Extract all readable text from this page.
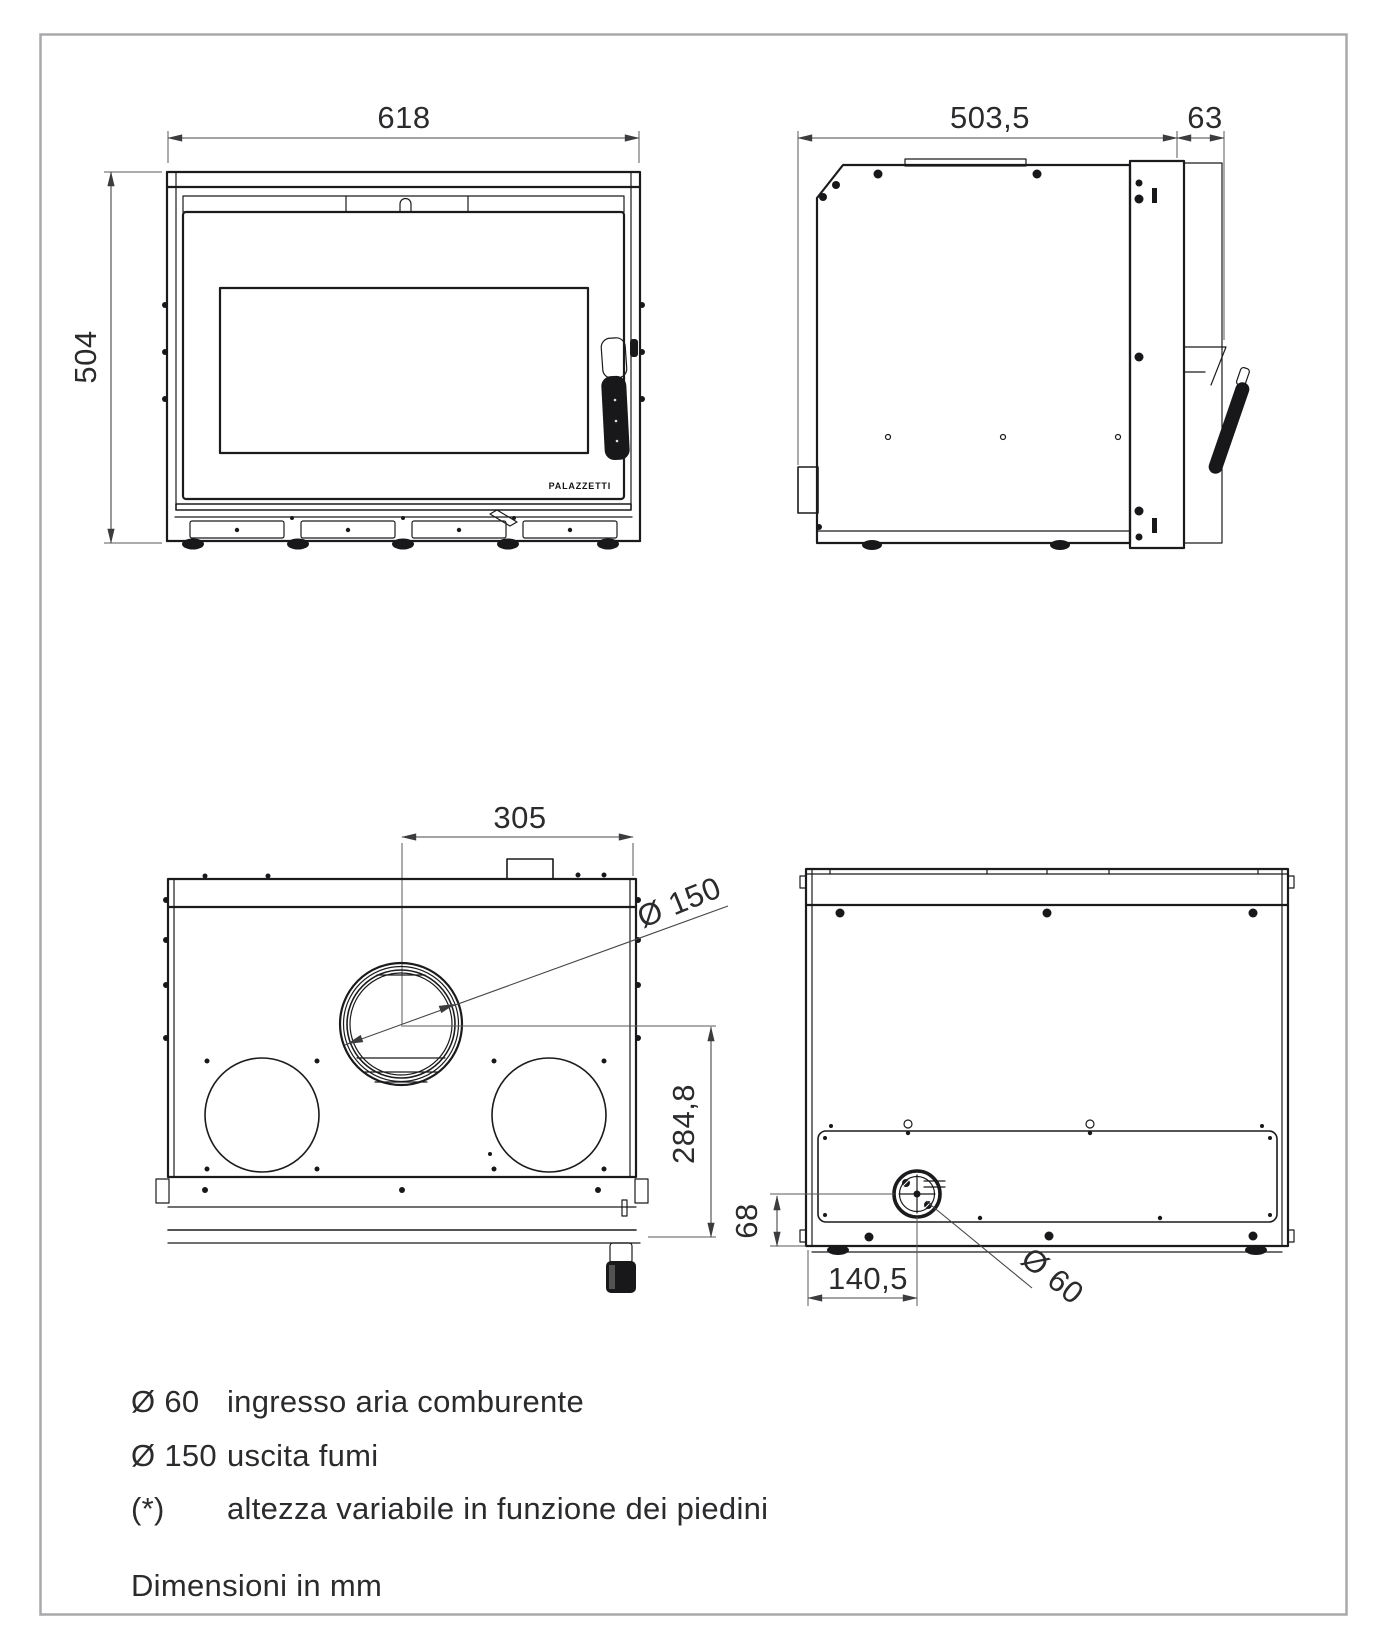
618
504
PALAZZETTI
503,5	63
305
Ø 150
284,8
68
140,5	Ø 60
Ø 60 ingresso aria comburente
Ø 150 uscita fumi
(*) altezza variabile in funzione dei piedini
Dimensioni in mm
